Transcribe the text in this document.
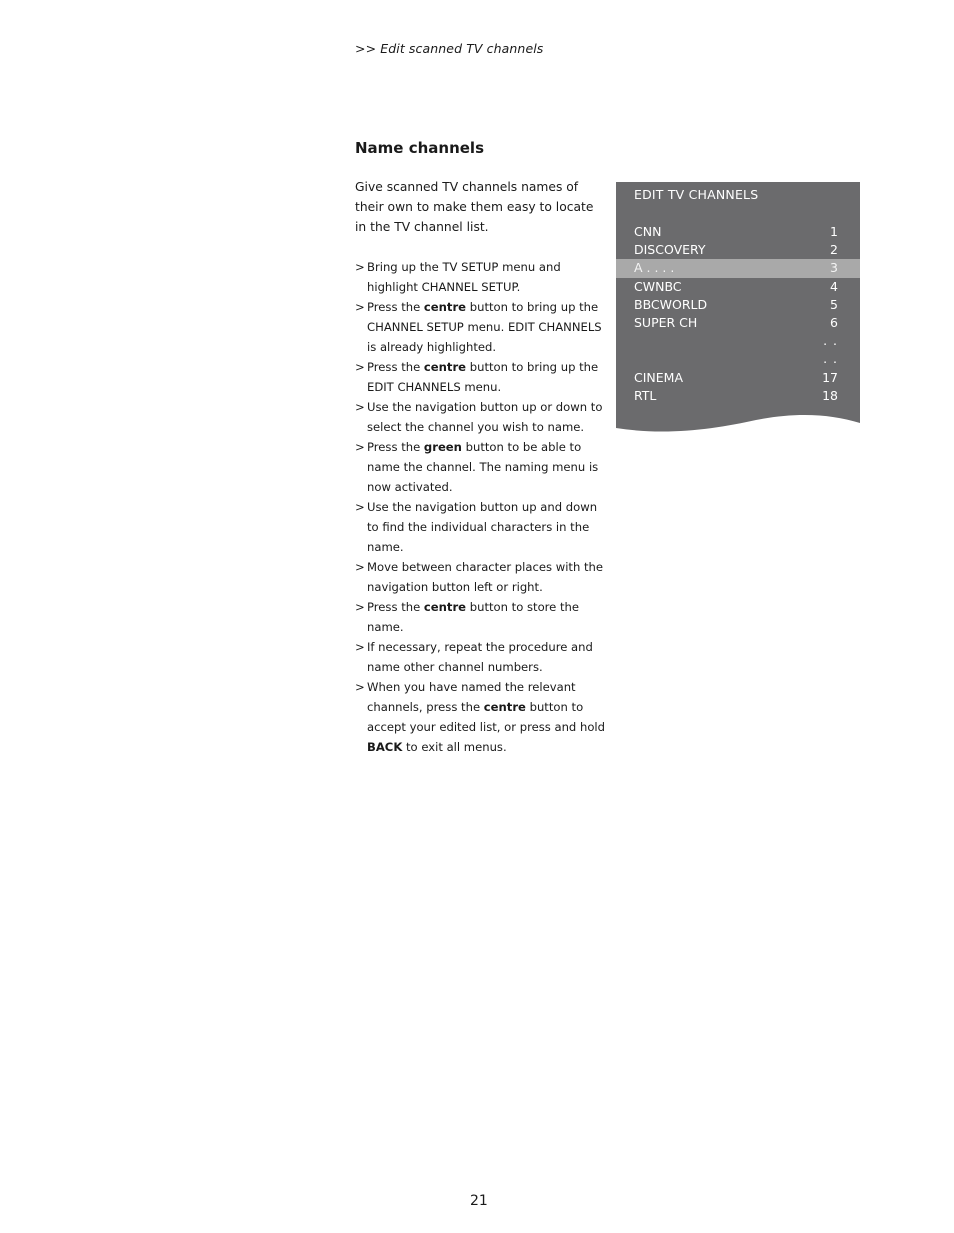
>> Edit scanned TV channels
Name channels

Give scanned TV channels names of their own to make them easy to locate in the TV channel list.

> Bring up the TV SETUP menu and highlight CHANNEL SETUP.
> Press the centre button to bring up the CHANNEL SETUP menu. EDIT CHANNELS is already highlighted.
> Press the centre button to bring up the EDIT CHANNELS menu.
> Use the navigation button up or down to select the channel you wish to name.
> Press the green button to be able to name the channel. The naming menu is now activated.
> Use the navigation button up and down to find the individual characters in the name.
> Move between character places with the navigation button left or right.
> Press the centre button to store the name.
> If necessary, repeat the procedure and name other channel numbers.
> When you have named the relevant channels, press the centre button to accept your edited list, or press and hold BACK to exit all menus.
EDIT TV CHANNELS
CNN	1
DISCOVERY	2
A . . . .	3
CWNBC	4
BBCWORLD	5
SUPER CH	6
. .
. .
CINEMA	17
RTL	18
21
